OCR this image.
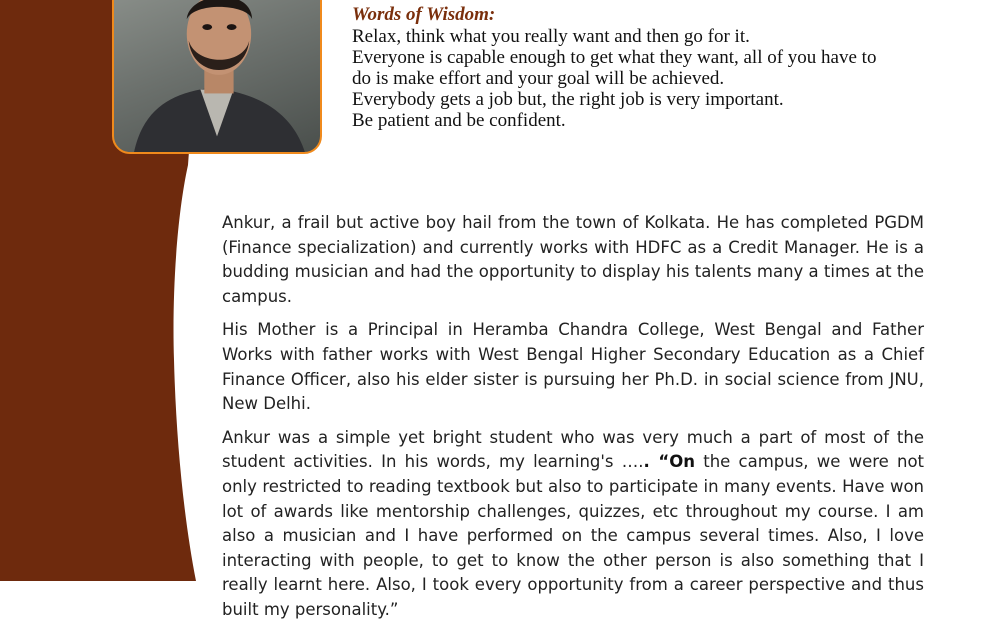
Words of Wisdom:

Relax, think what you really want and then go for it.

Everyone is capable enough to get what they want, all of you have to

do is make effort and your goal will be achieved.

Everybody gets a job but, the right job is very important.

Be patient and be confident.

Ankur, a frail but active boy hail from the town of Kolkata. He has completed PGDM (Finance specialization) and currently works with HDFC as a Credit Manager. He is a budding musician and had the opportunity to display his talents many a times at the campus.

His Mother is a Principal in Heramba Chandra College, West Bengal and Father Works with father works with West Bengal Higher Secondary Education as a Chief Finance Officer, also his elder sister is pursuing her Ph.D. in social science from JNU, New Delhi.

Ankur was a simple yet bright student who was very much a part of most of the student activities. In his words, my learning's ….. “On the campus, we were not only restricted to reading textbook but also to participate in many events. Have won lot of awards like mentorship challenges, quizzes, etc throughout my course. I am also a musician and I have performed on the campus several times. Also, I love interacting with people, to get to know the other person is also something that I really learnt here. Also, I took every opportunity from a career perspective and thus built my personality.”
